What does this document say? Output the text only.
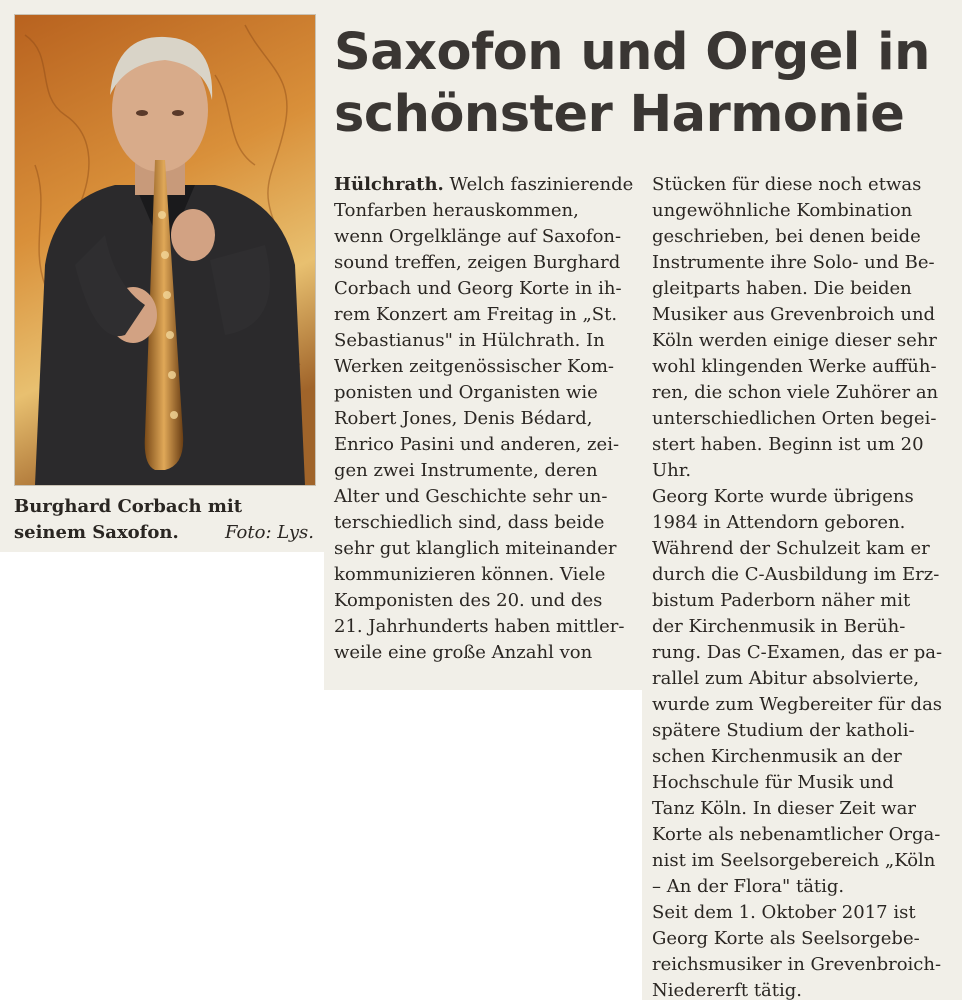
Burghard Corbach mit seinem Saxofon.	Foto: Lys.
Saxofon und Orgel in
schönster Harmonie

Hülchrath. Welch faszinierende

Tonfarben herauskommen,

wenn Orgelklänge auf Saxofon-

sound treffen, zeigen Burghard

Corbach und Georg Korte in ih-

rem Konzert am Freitag in „St.

Sebastianus" in Hülchrath. In

Werken zeitgenössischer Kom-

ponisten und Organisten wie

Robert Jones, Denis Bédard,

Enrico Pasini und anderen, zei-

gen zwei Instrumente, deren

Alter und Geschichte sehr un-

terschiedlich sind, dass beide

sehr gut klanglich miteinander

kommunizieren können. Viele

Komponisten des 20. und des

21. Jahrhunderts haben mittler-

weile eine große Anzahl von

Stücken für diese noch etwas

ungewöhnliche Kombination

geschrieben, bei denen beide

Instrumente ihre Solo- und Be-

gleitparts haben. Die beiden

Musiker aus Grevenbroich und

Köln werden einige dieser sehr

wohl klingenden Werke auffüh-

ren, die schon viele Zuhörer an

unterschiedlichen Orten begei-

stert haben. Beginn ist um 20

Uhr.

Georg Korte wurde übrigens

1984 in Attendorn geboren.

Während der Schulzeit kam er

durch die C-Ausbildung im Erz-

bistum Paderborn näher mit

der Kirchenmusik in Berüh-

rung. Das C-Examen, das er pa-

rallel zum Abitur absolvierte,

wurde zum Wegbereiter für das

spätere Studium der katholi-

schen Kirchenmusik an der

Hochschule für Musik und

Tanz Köln. In dieser Zeit war

Korte als nebenamtlicher Orga-

nist im Seelsorgebereich „Köln

– An der Flora" tätig.

Seit dem 1. Oktober 2017 ist

Georg Korte als Seelsorgebe-

reichsmusiker in Grevenbroich-

Niedererft tätig.
